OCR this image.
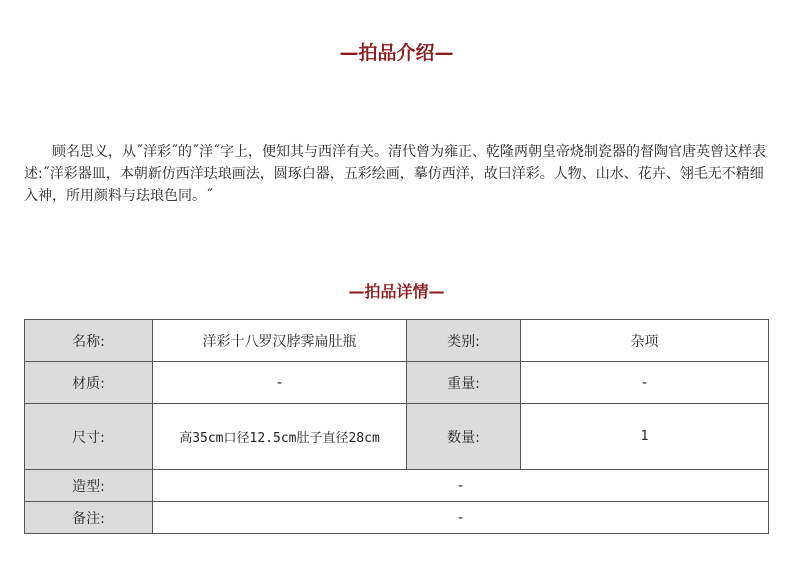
—拍品介绍—

顾名思义，从˝洋彩˝的˝洋˝字上，便知其与西洋有关。清代曾为雍正、乾隆两朝皇帝烧制瓷器的督陶官唐英曾这样表述:˝洋彩器皿，本朝新仿西洋珐琅画法，圆琢白器，五彩绘画，摹仿西洋，故曰洋彩。人物、山水、花卉、翎毛无不精细入神，所用颜料与珐琅色同。˝

—拍品详情—
名称:	洋彩十八罗汉脖霁扁肚瓶	类别:	杂项
材质:	-	重量:	-
尺寸:	高35cm口径12.5cm肚子直径28cm	数量:	1
造型:	-		
备注:	-		
